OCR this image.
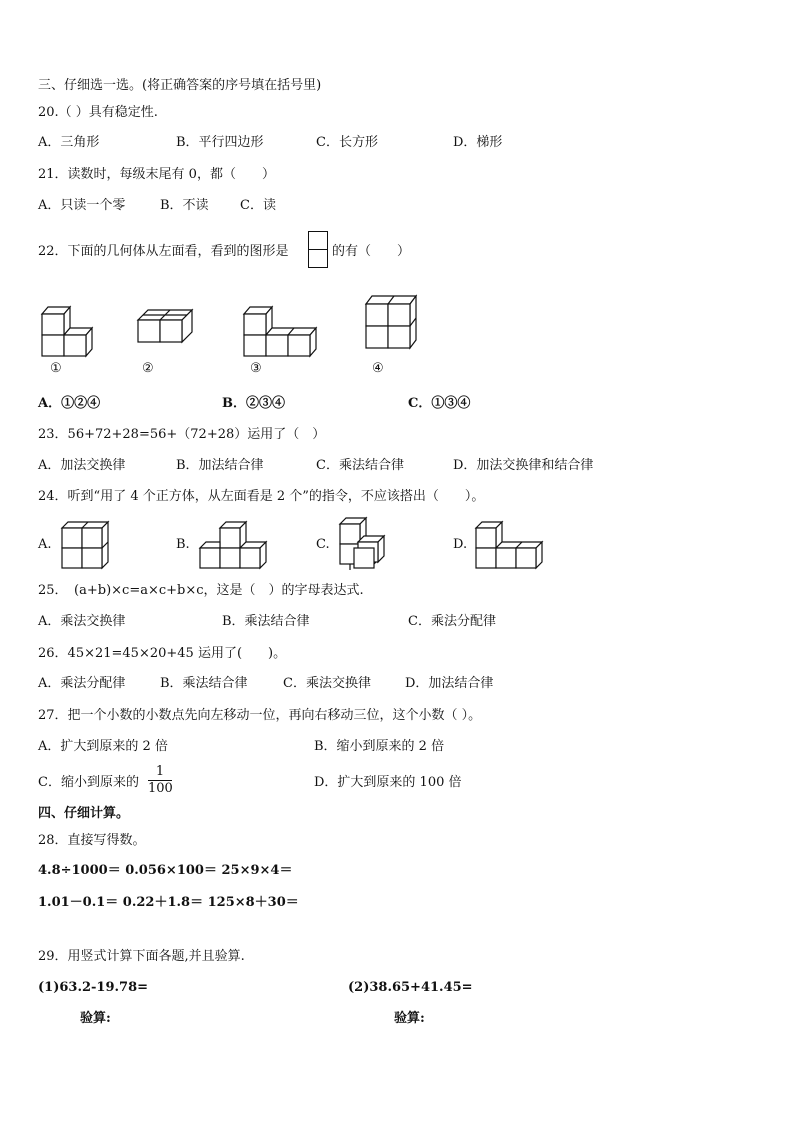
三、仔细选一选。(将正确答案的序号填在括号里)
20.（ ）具有稳定性.
A．三角形	B．平行四边形	C．长方形	D．梯形
21．读数时，每级末尾有 0，都（　　）
A．只读一个零	B．不读 C．读
22．下面的几何体从左面看，看到的图形是	的有（　　）
①	②	③	④
A．①②④	B．②③④	C．①③④
23．56+72+28=56+（72+28）运用了（　）
A．加法交换律	B．加法结合律	C．乘法结合律	D．加法交换律和结合律
24．听到“用了 4 个正方体，从左面看是 2 个”的指令，不应该搭出（　　）。
A.	B.	C.	D.
25．　(a+b)×c=a×c+b×c，这是（　）的字母表达式.
A．乘法交换律	B．乘法结合律	C．乘法分配律
26．45×21=45×20+45 运用了(　　)。
A．乘法分配律	B．乘法结合律	C．乘法交换律	D．加法结合律
27．把一个小数的小数点先向左移动一位，再向右移动三位，这个小数（ ）。
A．扩大到原来的 2 倍	B．缩小到原来的 2 倍
C．缩小到原来的 $\frac{1}{100}$	D．扩大到原来的 100 倍
四、仔细计算。
28．直接写得数。
4.8÷1000＝ 0.056×100＝ 25×9×4＝
1.01－0.1＝ 0.22＋1.8＝ 125×8＋30＝
29．用竖式计算下面各题,并且验算.
(1)63.2-19.78=	(2)38.65+41.45=
验算:	验算:
